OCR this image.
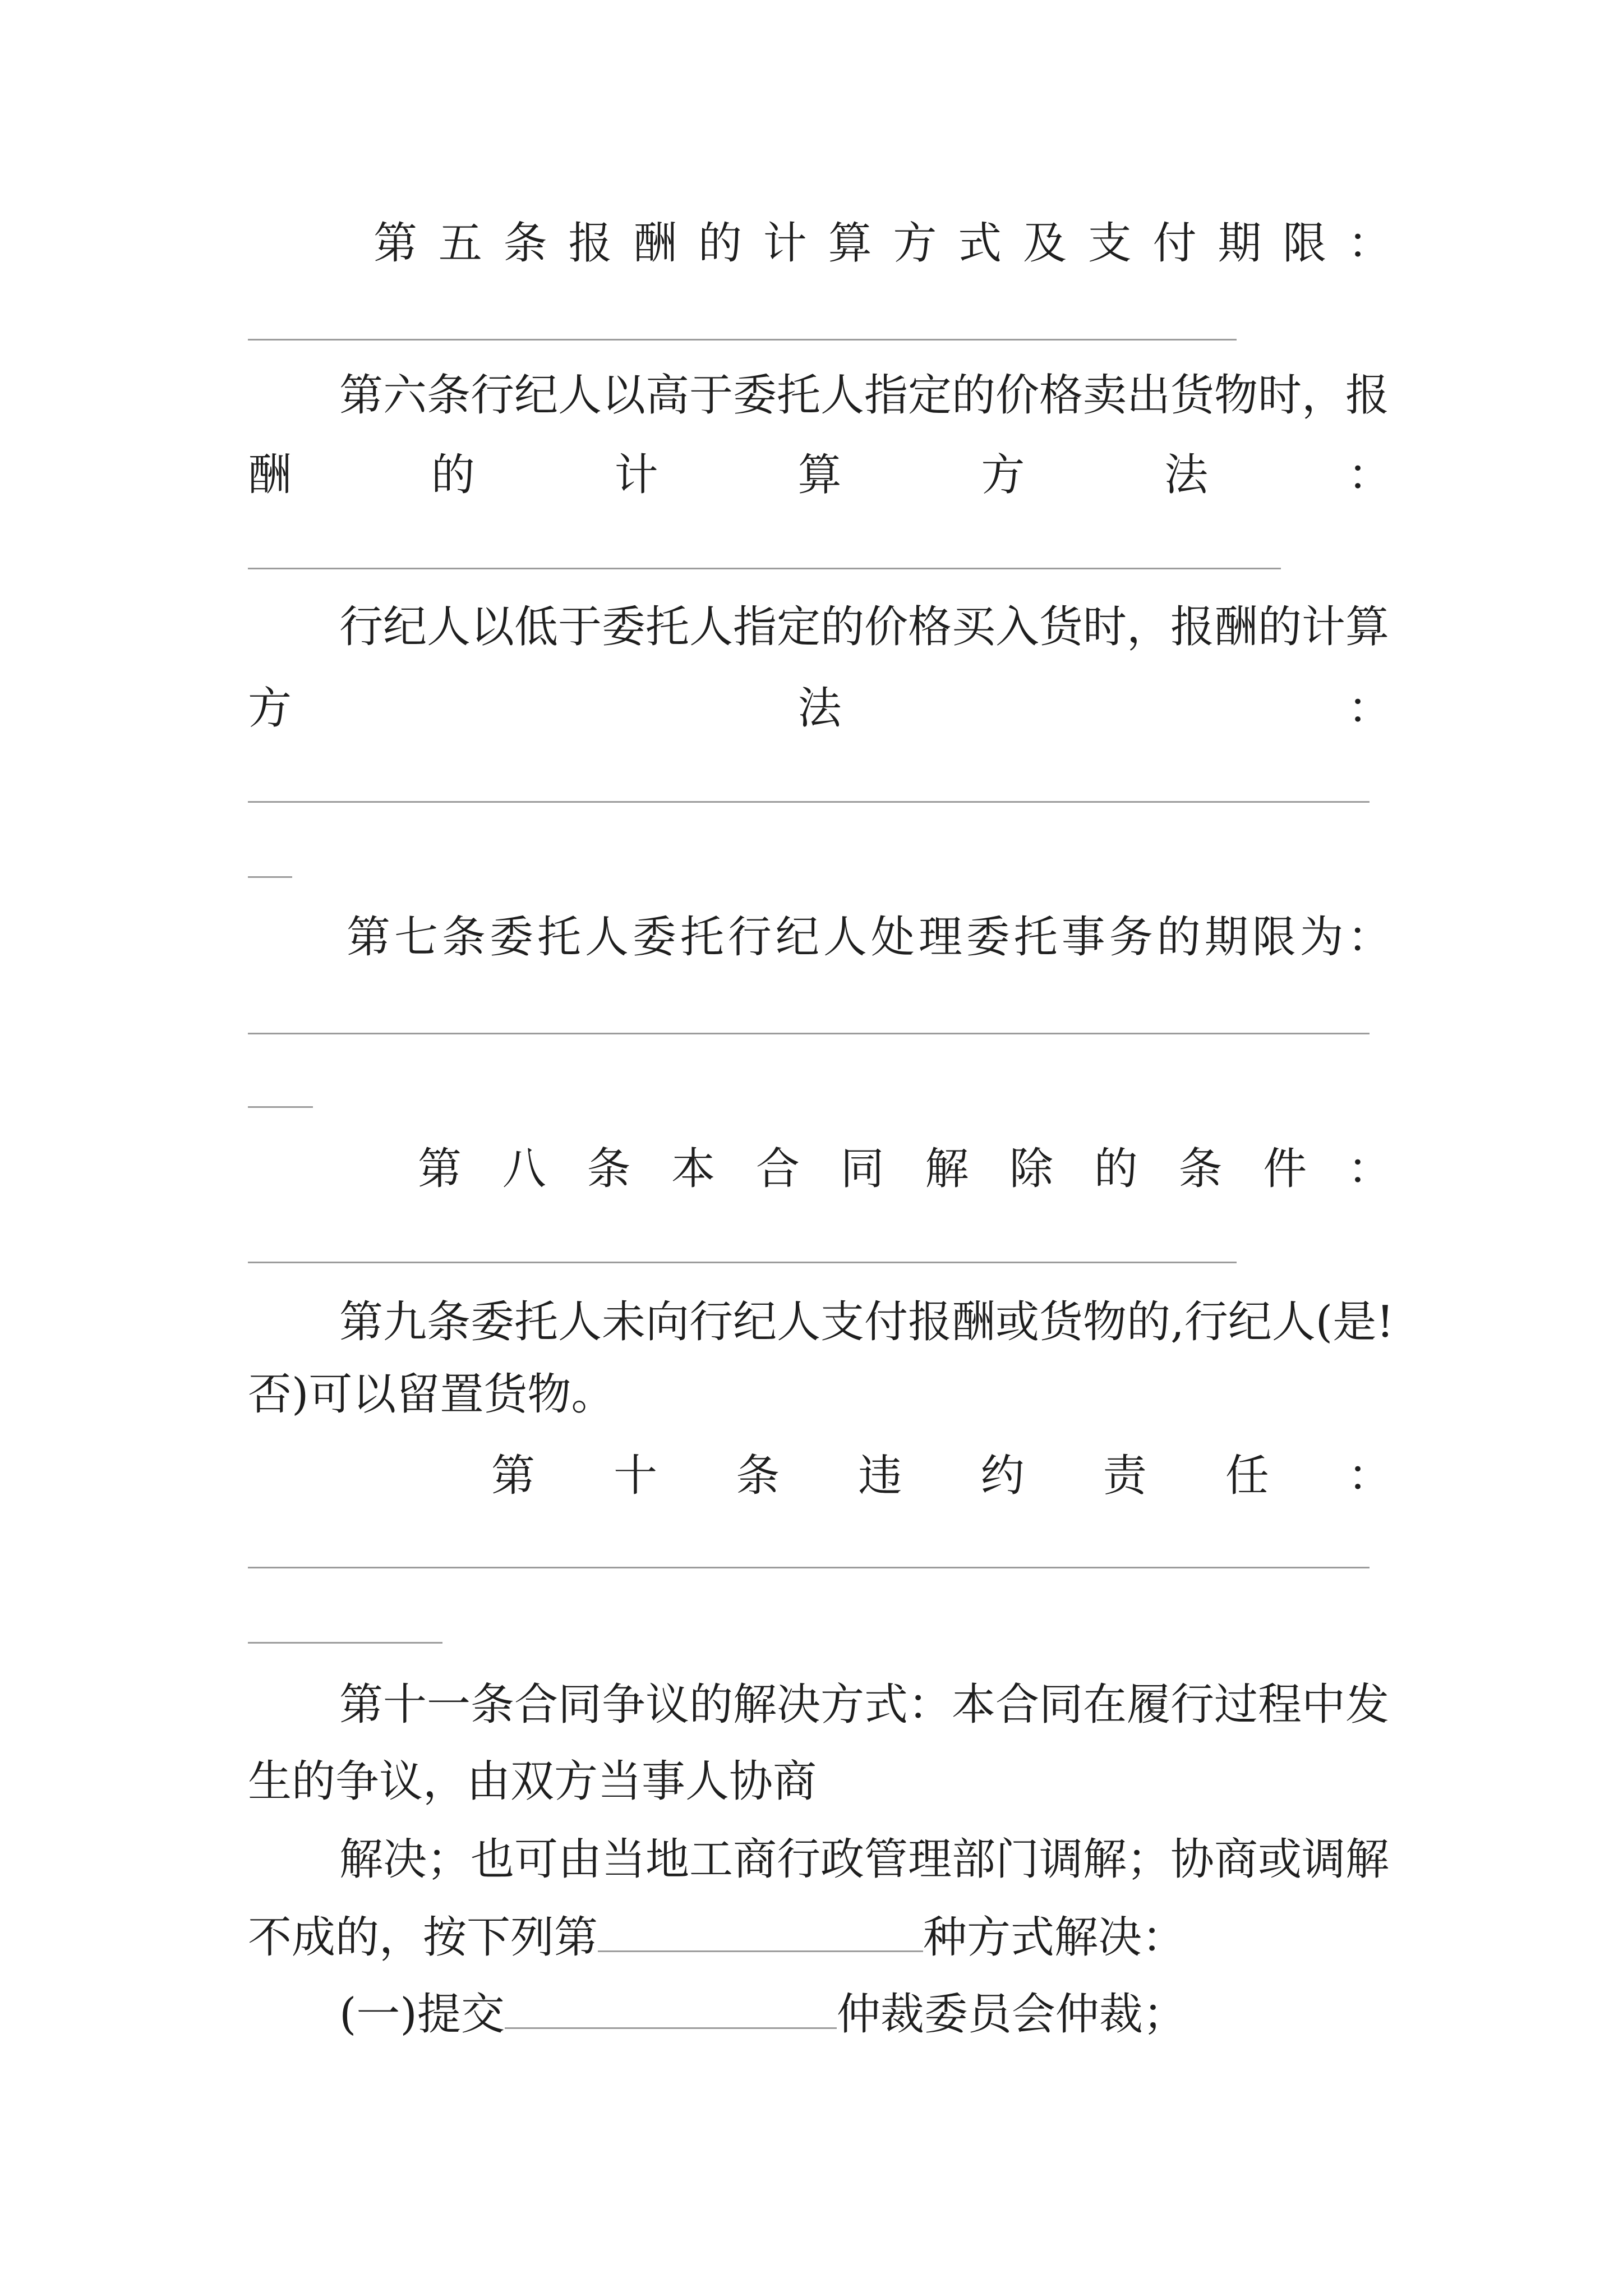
第 五 条 报 酬 的 计 算 方 式 及 支 付 期 限 ：
第六条行纪人以高于委托人指定的价格卖出货物时，报
酬	的	计	算	方	法	：
行纪人以低于委托人指定的价格买入货时，报酬的计算
方	法	：
第 七 条 委 托 人 委 托 行 纪 人 处 理 委 托 事 务 的 期 限 为 ：
第 八 条 本 合 同 解 除 的 条 件 ：
第九条委托人未向行纪人支付报酬或货物的,行纪人(是!
否)可以留置货物。
第 十 条 违 约 责 任 ：
第十一条合同争议的解决方式：本合同在履行过程中发
生的争议，由双方当事人协商
解决；也可由当地工商行政管理部门调解；协商或调解
不成的，按下列第	种方式解决：
(一)提交	仲裁委员会仲裁；
